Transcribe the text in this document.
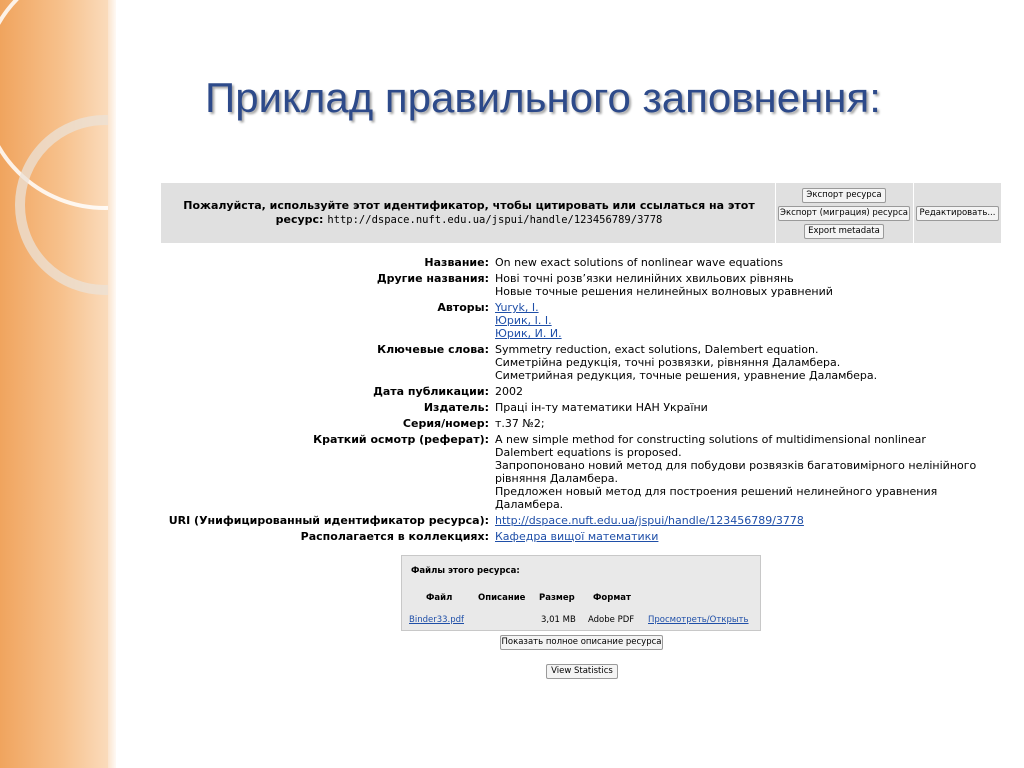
Приклад правильного заповнення:
Пожалуйста, используйте этот идентификатор, чтобы цитировать или ссылаться на этот
ресурс: http://dspace.nuft.edu.ua/jspui/handle/123456789/3778
Экспорт ресурса
Экспорт (миграция) ресурса
Export metadata
Редактировать...
Название: On new exact solutions of nonlinear wave equations
Другие названия: Нові точні розв’язки нелинійних хвильових рівнянь
Новые точные решения нелинейных волновых уравнений
Авторы: Yuryk, I.
Юрик, І. І.
Юрик, И. И.
Ключевые слова: Symmetry reduction, exact solutions, Dalembert equation.
Симетрійна редукція, точні розвязки, рівняння Даламбера.
Симетрийная редукция, точные решения, уравнение Даламбера.
Дата публикации: 2002
Издатель: Праці ін-ту математики НАН України
Серия/номер: т.37 №2;
Краткий осмотр (реферат): A new simple method for constructing solutions of multidimensional nonlinear
Dalembert equations is proposed.
Запропоновано новий метод для побудови розвязків багатовимірного нелінійного
рівняння Даламбера.
Предложен новый метод для построения решений нелинейного уравнения
Даламбера.
URI (Унифицированный идентификатор ресурса): http://dspace.nuft.edu.ua/jspui/handle/123456789/3778
Располагается в коллекциях: Кафедра вищої математики
Файлы этого ресурса:
Файл	Описание Размер Формат
Binder33.pdf	3,01 MB Adobe PDF Просмотреть/Открыть
Показать полное описание ресурса
View Statistics
